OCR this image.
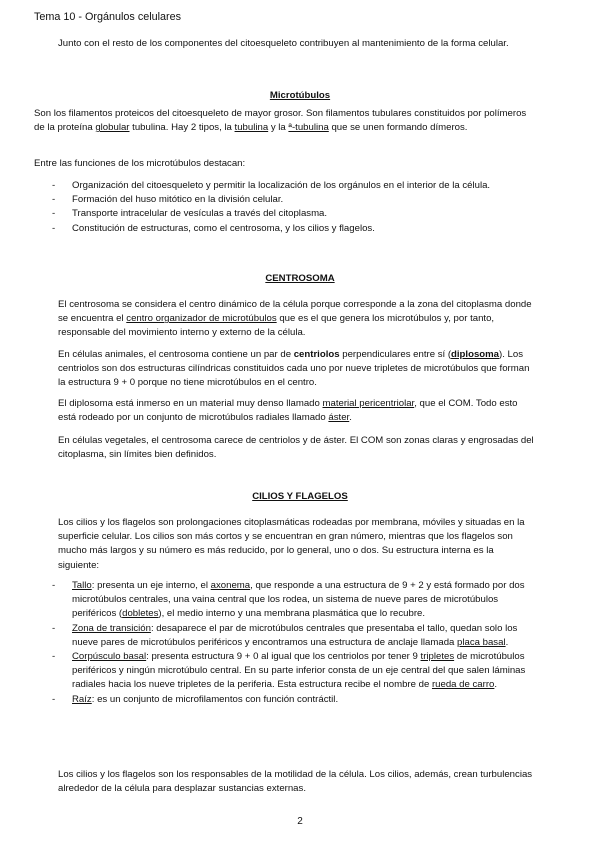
Tema 10 - Orgánulos celulares

Junto con el resto de los componentes del citoesqueleto contribuyen al mantenimiento de la forma celular.

Microtúbulos

Son los filamentos proteicos del citoesqueleto de mayor grosor. Son filamentos tubulares constituidos por polímeros de la proteína globular tubulina. Hay 2 tipos, la tubulina y la ª-tubulina que se unen formando dímeros.

Entre las funciones de los microtúbulos destacan:

- Organización del citoesqueleto y permitir la localización de los orgánulos en el interior de la célula.
- Formación del huso mitótico en la división celular.
- Transporte intracelular de vesículas a través del citoplasma.
- Constitución de estructuras, como el centrosoma, y los cilios y flagelos.
CENTROSOMA

El centrosoma se considera el centro dinámico de la célula porque corresponde a la zona del citoplasma donde se encuentra el centro organizador de microtúbulos que es el que genera los microtúbulos y, por tanto, responsable del movimiento interno y externo de la célula.

En células animales, el centrosoma contiene un par de centriolos perpendiculares entre sí (diplosoma). Los centriolos son dos estructuras cilíndricas constituidos cada uno por nueve tripletes de microtúbulos que forman la estructura 9 + 0 porque no tiene microtúbulos en el centro.

El diplosoma está inmerso en un material muy denso llamado material pericentriolar, que el COM. Todo esto está rodeado por un conjunto de microtúbulos radiales llamado áster.

En células vegetales, el centrosoma carece de centriolos y de áster. El COM son zonas claras y engrosadas del citoplasma, sin límites bien definidos.

CILIOS Y FLAGELOS

Los cilios y los flagelos son prolongaciones citoplasmáticas rodeadas por membrana, móviles y situadas en la superficie celular. Los cilios son más cortos y se encuentran en gran número, mientras que los flagelos son mucho más largos y su número es más reducido, por lo general, uno o dos. Su estructura interna es la siguiente:

- Tallo: presenta un eje interno, el axonema, que responde a una estructura de 9 + 2 y está formado por dos microtúbulos centrales, una vaina central que los rodea, un sistema de nueve pares de microtúbulos periféricos (dobletes), el medio interno y una membrana plasmática que lo recubre.
- Zona de transición: desaparece el par de microtúbulos centrales que presentaba el tallo, quedan solo los nueve pares de microtúbulos periféricos y encontramos una estructura de anclaje llamada placa basal.
- Corpúsculo basal: presenta estructura 9 + 0 al igual que los centriolos por tener 9 tripletes de microtúbulos periféricos y ningún microtúbulo central. En su parte inferior consta de un eje central del que salen láminas radiales hacia los nueve tripletes de la periferia. Esta estructura recibe el nombre de rueda de carro.
- Raíz: es un conjunto de microfilamentos con función contráctil.

Los cilios y los flagelos son los responsables de la motilidad de la célula. Los cilios, además, crean turbulencias alrededor de la célula para desplazar sustancias externas.

2
